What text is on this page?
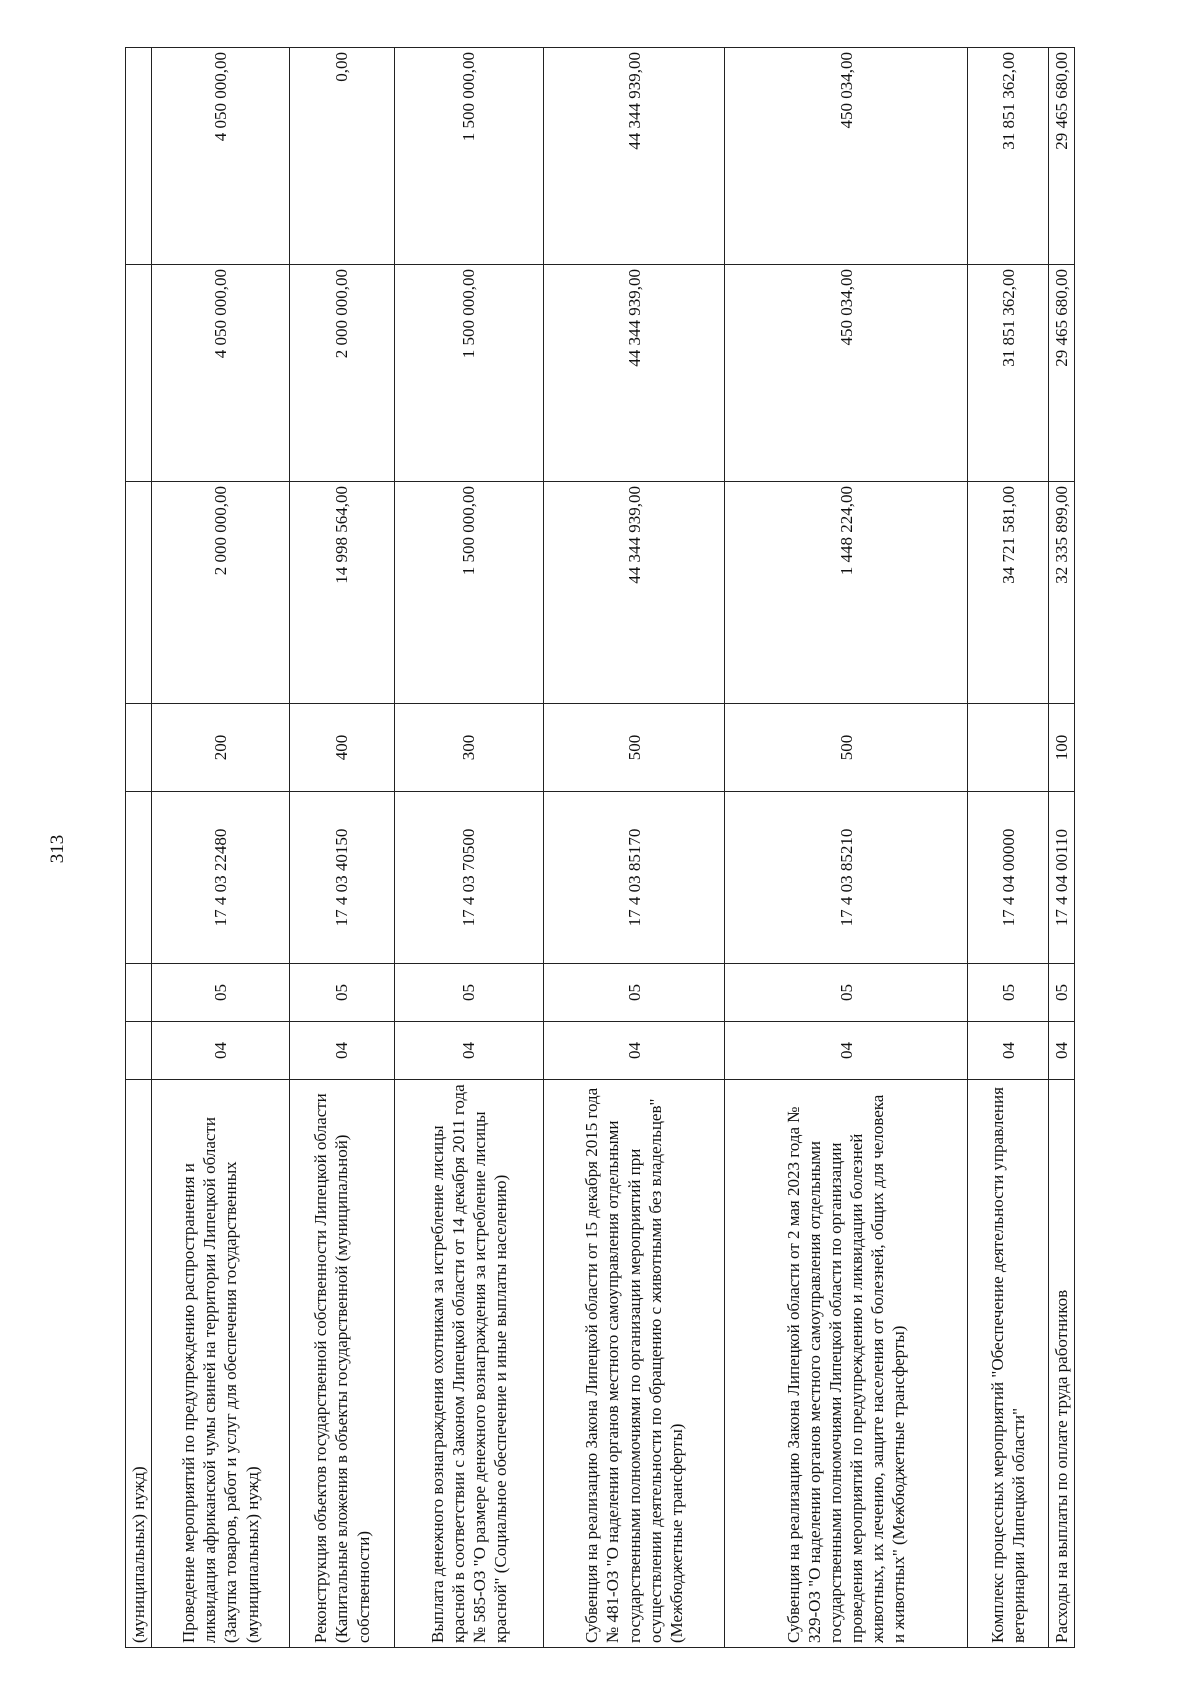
313
(муниципальных) нужд)							
Проведение мероприятий по предупреждению распространения и ликвидация африканской чумы свиней на территории Липецкой области (Закупка товаров, работ и услуг для обеспечения государственных (муниципальных) нужд)	04	05	17 4 03 22480	200	2 000 000,00	4 050 000,00	4 050 000,00
Реконструкция объектов государственной собственности Липецкой области (Капитальные вложения в объекты государственной (муниципальной) собственности)	04	05	17 4 03 40150	400	14 998 564,00	2 000 000,00	0,00
Выплата денежного вознаграждения охотникам за истребление лисицы красной в соответствии с Законом Липецкой области от 14 декабря 2011 года № 585-ОЗ "О размере денежного вознаграждения за истребление лисицы красной" (Социальное обеспечение и иные выплаты населению)	04	05	17 4 03 70500	300	1 500 000,00	1 500 000,00	1 500 000,00
Субвенция на реализацию Закона Липецкой области от 15 декабря 2015 года № 481-ОЗ "О наделении органов местного самоуправления отдельными государственными полномочиями по организации мероприятий при осуществлении деятельности по обращению с животными без владельцев" (Межбюджетные трансферты)	04	05	17 4 03 85170	500	44 344 939,00	44 344 939,00	44 344 939,00
Субвенция на реализацию Закона Липецкой области от 2 мая 2023 года № 329-ОЗ "О наделении органов местного самоуправления отдельными государственными полномочиями Липецкой области по организации проведения мероприятий по предупреждению и ликвидации болезней животных, их лечению, защите населения от болезней, общих для человека и животных" (Межбюджетные трансферты)	04	05	17 4 03 85210	500	1 448 224,00	450 034,00	450 034,00
Комплекс процессных мероприятий "Обеспечение деятельности управления ветеринарии Липецкой области"	04	05	17 4 04 00000		34 721 581,00	31 851 362,00	31 851 362,00
Расходы на выплаты по оплате труда работников	04	05	17 4 04 00110	100	32 335 899,00	29 465 680,00	29 465 680,00
